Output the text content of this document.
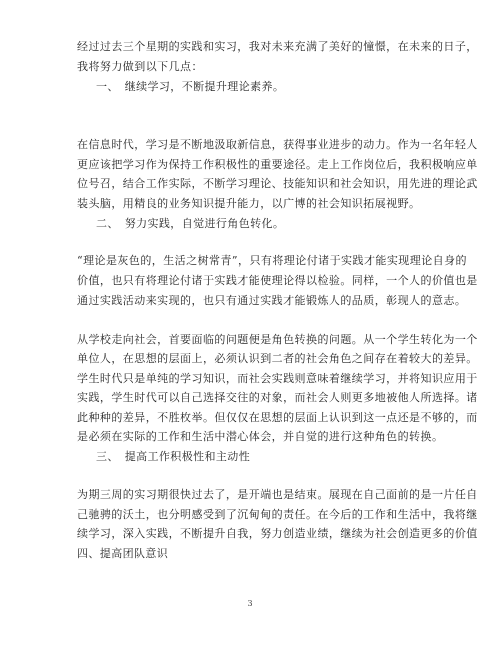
经过过去三个星期的实践和实习，我对未来充满了美好的憧憬，在未来的日子，
我将努力做到以下几点：
一、　继续学习，不断提升理论素养。
在信息时代，学习是不断地汲取新信息，获得事业进步的动力。作为一名年轻人
更应该把学习作为保持工作积极性的重要途径。走上工作岗位后，我积极响应单
位号召，结合工作实际，不断学习理论、技能知识和社会知识，用先进的理论武
装头脑，用精良的业务知识提升能力，以广博的社会知识拓展视野。
二、　努力实践，自觉进行角色转化。
“理论是灰色的，生活之树常青”，只有将理论付诸于实践才能实现理论自身的
价值，也只有将理论付诸于实践才能使理论得以检验。同样，一个人的价值也是
通过实践活动来实现的，也只有通过实践才能锻炼人的品质，彰现人的意志。
从学校走向社会，首要面临的问题便是角色转换的问题。从一个学生转化为一个
单位人，在思想的层面上，必须认识到二者的社会角色之间存在着较大的差异。
学生时代只是单纯的学习知识，而社会实践则意味着继续学习，并将知识应用于
实践，学生时代可以自己选择交往的对象，而社会人则更多地被他人所选择。诸
此种种的差异，不胜枚举。但仅仅在思想的层面上认识到这一点还是不够的，而
是必须在实际的工作和生活中潜心体会，并自觉的进行这种角色的转换。
三、　提高工作积极性和主动性
为期三周的实习期很快过去了，是开端也是结束。展现在自己面前的是一片任自
己驰骋的沃土，也分明感受到了沉甸甸的责任。在今后的工作和生活中，我将继
续学习，深入实践，不断提升自我，努力创造业绩，继续为社会创造更多的价值
四、提高团队意识
3
